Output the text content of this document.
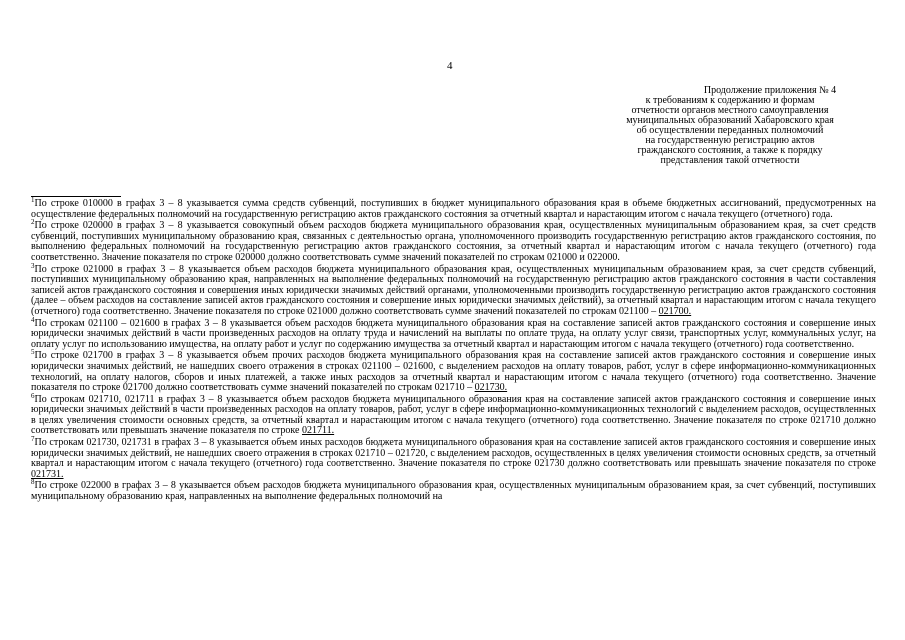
4
Продолжение приложения № 4
к требованиям к содержанию и формам
отчетности органов местного самоуправления
муниципальных образований Хабаровского края
об осуществлении переданных полномочий
на государственную регистрацию актов
гражданского состояния, а также к порядку
представления такой отчетности

$^1$По строке 010000 в графах 3 – 8 указывается сумма средств субвенций, поступивших в бюджет муниципального образования края в объеме бюджетных ассигнований, предусмотренных на осуществление федеральных полномочий на государственную регистрацию актов гражданского состояния за отчетный квартал и нарастающим итогом с начала текущего (отчетного) года.

$^2$По строке 020000 в графах 3 – 8 указывается совокупный объем расходов бюджета муниципального образования края, осуществленных муниципальным образованием края, за счет средств субвенций, поступивших муниципальному образованию края, связанных с деятельностью органа, уполномоченного производить государственную регистрацию актов гражданского состояния, по выполнению федеральных полномочий на государственную регистрацию актов гражданского состояния, за отчетный квартал и нарастающим итогом с начала текущего (отчетного) года соответственно. Значение показателя по строке 020000 должно соответствовать сумме значений показателей по строкам 021000 и 022000.

$^3$По строке 021000 в графах 3 – 8 указывается объем расходов бюджета муниципального образования края, осуществленных муниципальным образованием края, за счет средств субвенций, поступивших муниципальному образованию края, направленных на выполнение федеральных полномочий на государственную регистрацию актов гражданского состояния в части составления записей актов гражданского состояния и совершения иных юридически значимых действий органами, уполномоченными производить государственную регистрацию актов гражданского состояния (далее – объем расходов на составление записей актов гражданского состояния и совершение иных юридически значимых действий), за отчетный квартал и нарастающим итогом с начала текущего (отчетного) года соответственно. Значение показателя по строке 021000 должно соответствовать сумме значений показателей по строкам 021100 – 021700.

$^4$По строкам 021100 – 021600 в графах 3 – 8 указывается объем расходов бюджета муниципального образования края на составление записей актов гражданского состояния и совершение иных юридически значимых действий в части произведенных расходов на оплату труда и начислений на выплаты по оплате труда, на оплату услуг связи, транспортных услуг, коммунальных услуг, на оплату услуг по использованию имущества, на оплату работ и услуг по содержанию имущества за отчетный квартал и нарастающим итогом с начала текущего (отчетного) года соответственно.

$^5$По строке 021700 в графах 3 – 8 указывается объем прочих расходов бюджета муниципального образования края на составление записей актов гражданского состояния и совершение иных юридически значимых действий, не нашедших своего отражения в строках 021100 – 021600, с выделением расходов на оплату товаров, работ, услуг в сфере информационно-коммуникационных технологий, на оплату налогов, сборов и иных платежей, а также иных расходов за отчетный квартал и нарастающим итогом с начала текущего (отчетного) года соответственно. Значение показателя по строке 021700 должно соответствовать сумме значений показателей по строкам 021710 – 021730.

$^6$По строкам 021710, 021711 в графах 3 – 8 указывается объем расходов бюджета муниципального образования края на составление записей актов гражданского состояния и совершение иных юридически значимых действий в части произведенных расходов на оплату товаров, работ, услуг в сфере информационно-коммуникационных технологий с выделением расходов, осуществленных в целях увеличения стоимости основных средств, за отчетный квартал и нарастающим итогом с начала текущего (отчетного) года соответственно. Значение показателя по строке 021710 должно соответствовать или превышать значение показателя по строке 021711.

$^7$По строкам 021730, 021731 в графах 3 – 8 указывается объем иных расходов бюджета муниципального образования края на составление записей актов гражданского состояния и совершение иных юридически значимых действий, не нашедших своего отражения в строках 021710 – 021720, с выделением расходов, осуществленных в целях увеличения стоимости основных средств, за отчетный квартал и нарастающим итогом с начала текущего (отчетного) года соответственно. Значение показателя по строке 021730 должно соответствовать или превышать значение показателя по строке 021731.

$^8$По строке 022000 в графах 3 – 8 указывается объем расходов бюджета муниципального образования края, осуществленных муниципальным образованием края, за счет субвенций, поступивших муниципальному образованию края, направленных на выполнение федеральных полномочий на
